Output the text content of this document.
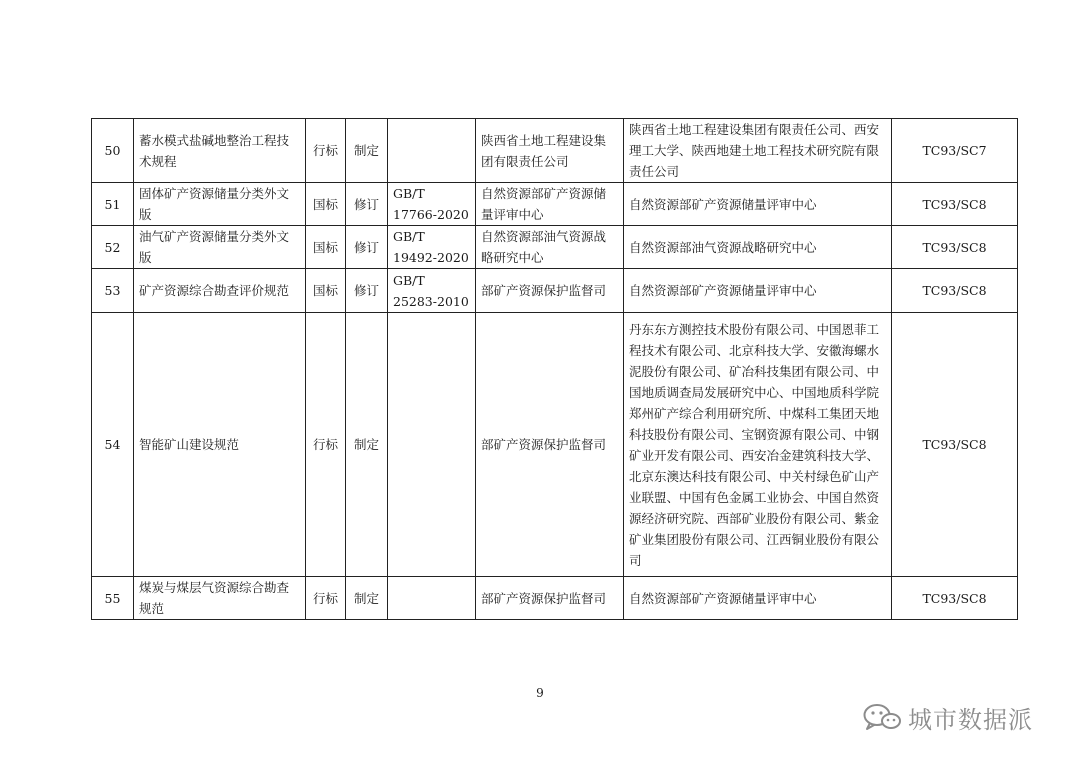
50	蓄水模式盐碱地整治工程技术规程	行标	制定		陕西省土地工程建设集团有限责任公司	陕西省土地工程建设集团有限责任公司、西安理工大学、陕西地建土地工程技术研究院有限责任公司	TC93/SC7
51	固体矿产资源储量分类外文版	国标	修订	GB/T 17766-2020	自然资源部矿产资源储量评审中心	自然资源部矿产资源储量评审中心	TC93/SC8
52	油气矿产资源储量分类外文版	国标	修订	GB/T 19492-2020	自然资源部油气资源战略研究中心	自然资源部油气资源战略研究中心	TC93/SC8
53	矿产资源综合勘查评价规范	国标	修订	GB/T 25283-2010	部矿产资源保护监督司	自然资源部矿产资源储量评审中心	TC93/SC8
54	智能矿山建设规范	行标	制定		部矿产资源保护监督司	丹东东方测控技术股份有限公司、中国恩菲工程技术有限公司、北京科技大学、安徽海螺水泥股份有限公司、矿冶科技集团有限公司、中国地质调查局发展研究中心、中国地质科学院郑州矿产综合利用研究所、中煤科工集团天地科技股份有限公司、宝钢资源有限公司、中钢矿业开发有限公司、西安冶金建筑科技大学、北京东澳达科技有限公司、中关村绿色矿山产业联盟、中国有色金属工业协会、中国自然资源经济研究院、西部矿业股份有限公司、紫金矿业集团股份有限公司、江西铜业股份有限公司	TC93/SC8
55	煤炭与煤层气资源综合勘查规范	行标	制定		部矿产资源保护监督司	自然资源部矿产资源储量评审中心	TC93/SC8
9
城市数据派
